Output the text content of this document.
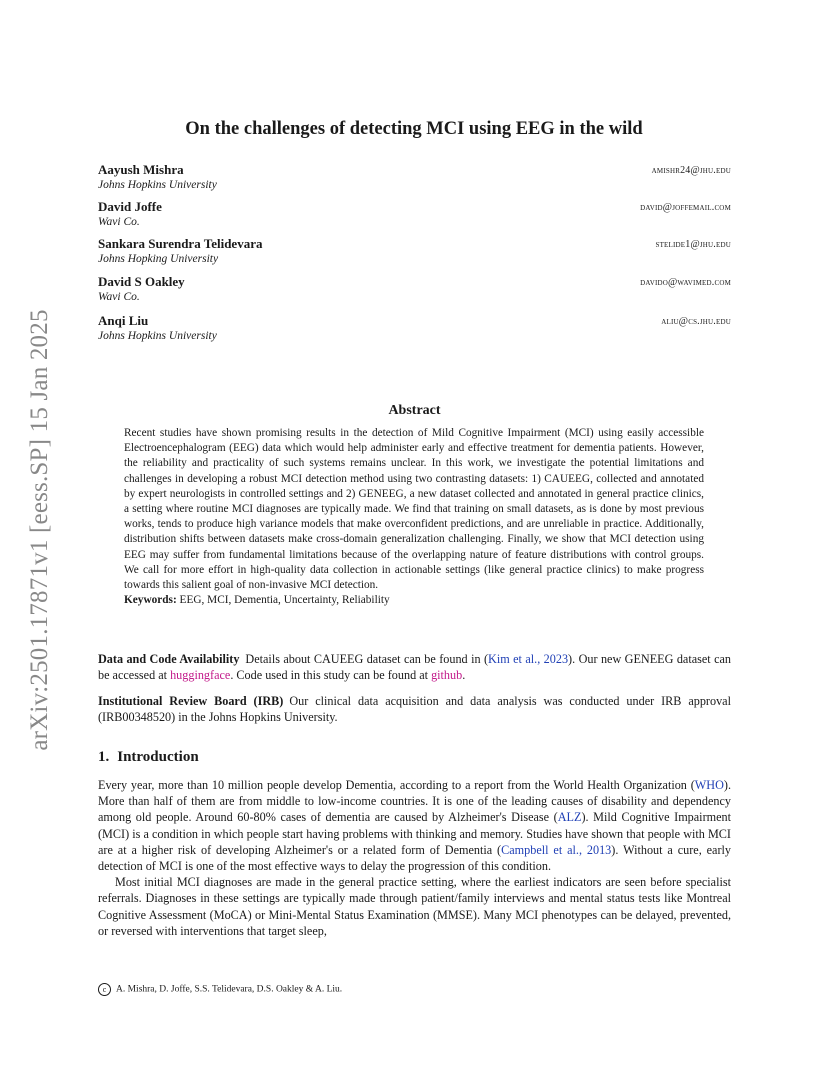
arXiv:2501.17871v1 [eess.SP] 15 Jan 2025
On the challenges of detecting MCI using EEG in the wild
Aayush Mishra
Johns Hopkins University
amishr24@jhu.edu
David Joffe
Wavi Co.
david@joffemail.com
Sankara Surendra Telidevara
Johns Hopking University
stelide1@jhu.edu
David S Oakley
Wavi Co.
davido@wavimed.com
Anqi Liu
Johns Hopkins University
aliu@cs.jhu.edu
Abstract
Recent studies have shown promising results in the detection of Mild Cognitive Impairment (MCI) using easily accessible Electroencephalogram (EEG) data which would help administer early and effective treatment for dementia patients. However, the reliability and practicality of such systems remains unclear. In this work, we investigate the potential limitations and challenges in developing a robust MCI detection method using two contrasting datasets: 1) CAUEEG, collected and annotated by expert neurologists in controlled settings and 2) GENEEG, a new dataset collected and annotated in general practice clinics, a setting where routine MCI diagnoses are typically made. We find that training on small datasets, as is done by most previous works, tends to produce high variance models that make overconfident predictions, and are unreliable in practice. Additionally, distribution shifts between datasets make cross-domain generalization challenging. Finally, we show that MCI detection using EEG may suffer from fundamental limitations because of the overlapping nature of feature distributions with control groups. We call for more effort in high-quality data collection in actionable settings (like general practice clinics) to make progress towards this salient goal of non-invasive MCI detection.
Keywords: EEG, MCI, Dementia, Uncertainty, Reliability
Data and Code Availability Details about CAUEEG dataset can be found in (Kim et al., 2023). Our new GENEEG dataset can be accessed at huggingface. Code used in this study can be found at github.
Institutional Review Board (IRB) Our clinical data acquisition and data analysis was conducted under IRB approval (IRB00348520) in the Johns Hopkins University.
1. Introduction
Every year, more than 10 million people develop Dementia, according to a report from the World Health Organization (WHO). More than half of them are from middle to low-income countries. It is one of the leading causes of disability and dependency among old people. Around 60-80% cases of dementia are caused by Alzheimer's Disease (ALZ). Mild Cognitive Impairment (MCI) is a condition in which people start having problems with thinking and memory. Studies have shown that people with MCI are at a higher risk of developing Alzheimer's or a related form of Dementia (Campbell et al., 2013). Without a cure, early detection of MCI is one of the most effective ways to delay the progression of this condition.
Most initial MCI diagnoses are made in the general practice setting, where the earliest indicators are seen before specialist referrals. Diagnoses in these settings are typically made through patient/family interviews and mental status tests like Montreal Cognitive Assessment (MoCA) or Mini-Mental Status Examination (MMSE). Many MCI phenotypes can be delayed, prevented, or reversed with interventions that target sleep,
c A. Mishra, D. Joffe, S.S. Telidevara, D.S. Oakley & A. Liu.
